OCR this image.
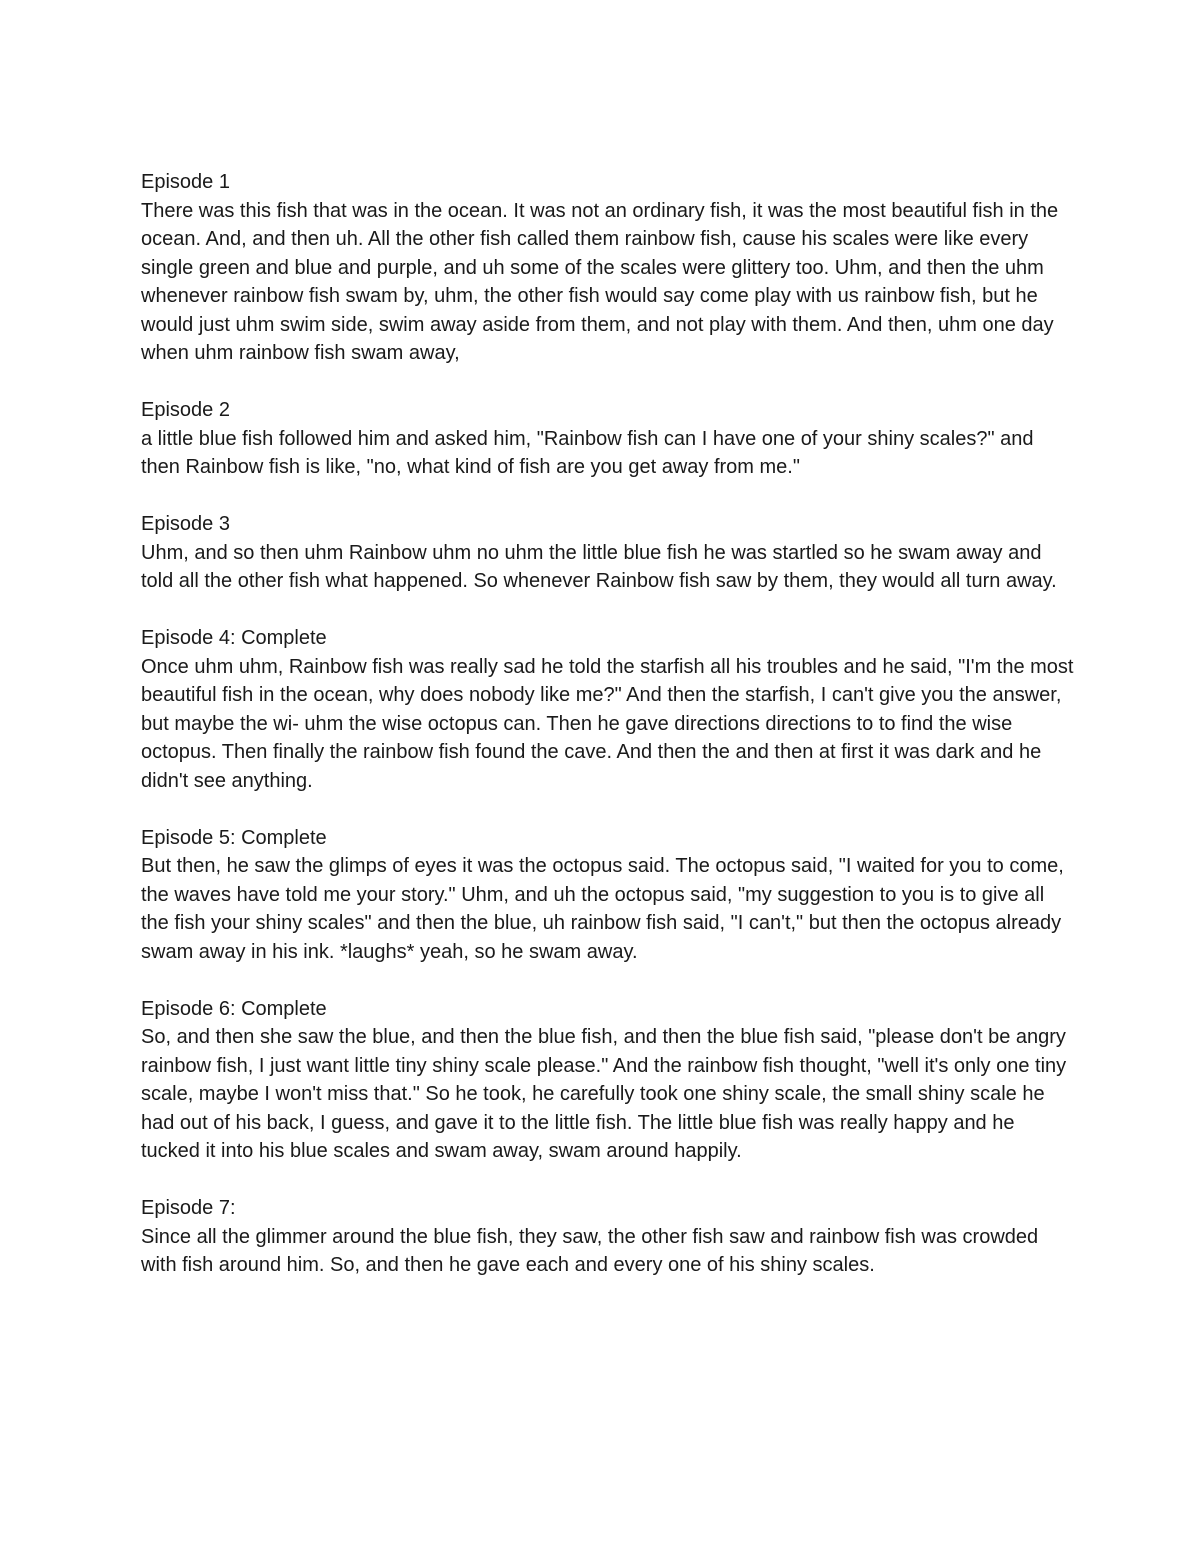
Episode 1
There was this fish that was in the ocean. It was not an ordinary fish, it was the most beautiful fish in the ocean. And, and then uh. All the other fish called them rainbow fish, cause his scales were like every single green and blue and purple, and uh some of the scales were glittery too. Uhm, and then the uhm whenever rainbow fish swam by, uhm, the other fish would say come play with us rainbow fish, but he would just uhm swim side, swim away aside from them, and not play with them. And then, uhm one day when uhm rainbow fish swam away,
Episode 2
a little blue fish followed him and asked him, "Rainbow fish can I have one of your shiny scales?" and then Rainbow fish is like, "no, what kind of fish are you get away from me."
Episode 3
Uhm, and so then uhm Rainbow uhm no uhm the little blue fish he was startled so he swam away and told all the other fish what happened. So whenever Rainbow fish saw by them, they would all turn away.
Episode 4: Complete
Once uhm uhm, Rainbow fish was really sad he told the starfish all his troubles and he said, "I'm the most beautiful fish in the ocean, why does nobody like me?" And then the starfish, I can't give you the answer, but maybe the wi- uhm the wise octopus can. Then he gave directions directions to to find the wise octopus. Then finally the rainbow fish found the cave. And then the and then at first it was dark and he didn't see anything.
Episode 5: Complete
But then, he saw the glimps of eyes it was the octopus said. The octopus said, "I waited for you to come, the waves have told me your story." Uhm, and uh the octopus said, "my suggestion to you is to give all the fish your shiny scales" and then the blue, uh rainbow fish said, "I can't," but then the octopus already swam away in his ink. *laughs* yeah, so he swam away.
Episode 6: Complete
So, and then she saw the blue, and then the blue fish, and then the blue fish said, "please don't be angry rainbow fish, I just want little tiny shiny scale please." And the rainbow fish thought, "well it's only one tiny scale, maybe I won't miss that." So he took, he carefully took one shiny scale, the small shiny scale he had out of his back, I guess, and gave it to the little fish. The little blue fish was really happy and he tucked it into his blue scales and swam away, swam around happily.
Episode 7:
Since all the glimmer around the blue fish, they saw, the other fish saw and rainbow fish was crowded with fish around him. So, and then he gave each and every one of his shiny scales.
